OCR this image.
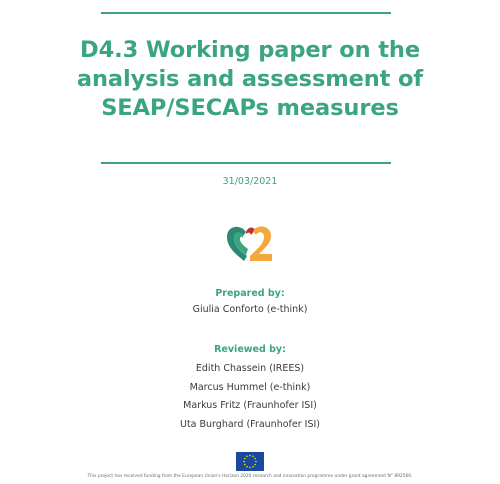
D4.3 Working paper on the analysis and assessment of SEAP/SECAPs measures
31/03/2021
Prepared by:
Giulia Conforto (e-think)
Reviewed by:
Edith Chassein (IREES)
Marcus Hummel (e-think)
Markus Fritz (Fraunhofer ISI)
Uta Burghard (Fraunhofer ISI)
This project has received funding from the European Union's Horizon 2020 research and innovation programme under grant agreement N° 892560.
